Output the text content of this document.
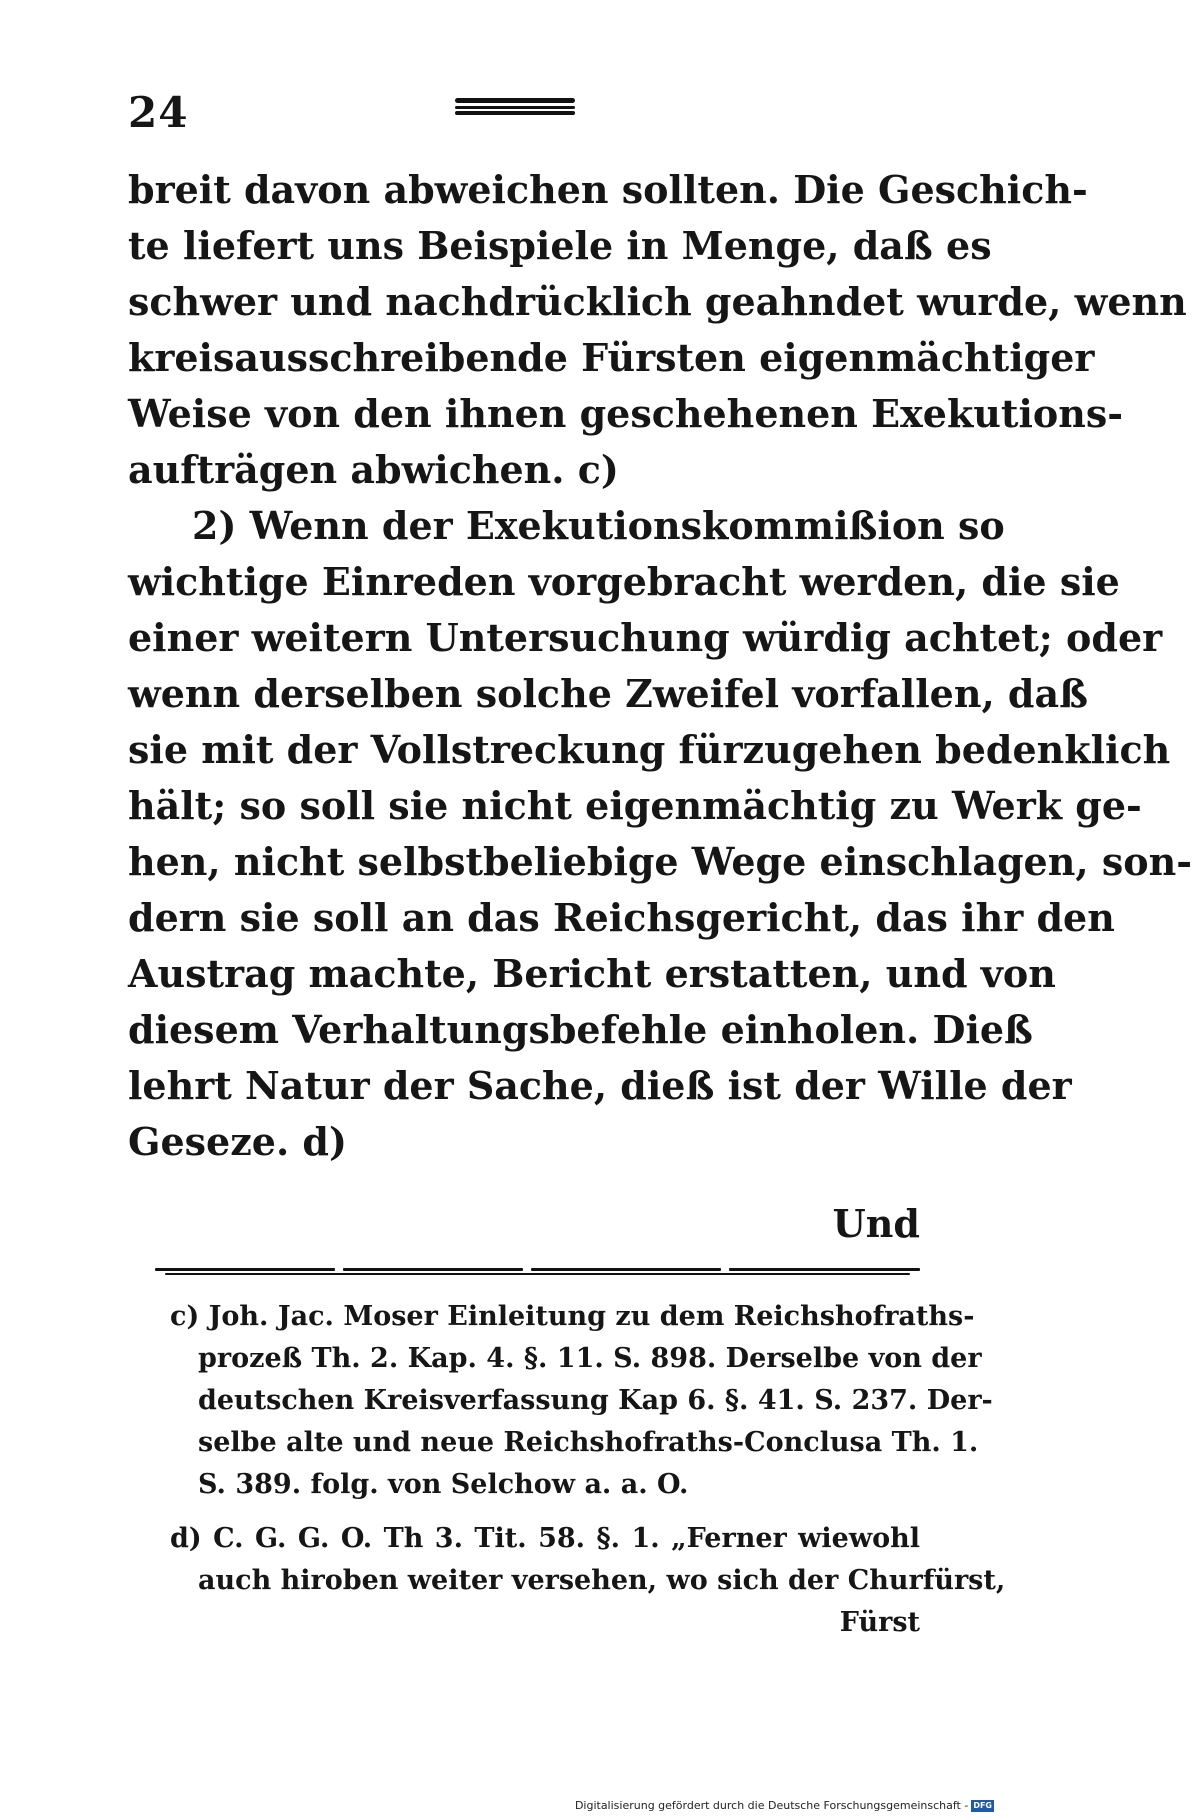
24
breit davon abweichen sollten. Die Geschich-
te liefert uns Beispiele in Menge, daß es
schwer und nachdrücklich geahndet wurde, wenn
kreisausschreibende Fürsten eigenmächtiger
Weise von den ihnen geschehenen Exekutions-
aufträgen abwichen. c)
2) Wenn der Exekutionskommißion so
wichtige Einreden vorgebracht werden, die sie
einer weitern Untersuchung würdig achtet; oder
wenn derselben solche Zweifel vorfallen, daß
sie mit der Vollstreckung fürzugehen bedenklich
hält; so soll sie nicht eigenmächtig zu Werk ge-
hen, nicht selbstbeliebige Wege einschlagen, son-
dern sie soll an das Reichsgericht, das ihr den
Austrag machte, Bericht erstatten, und von
diesem Verhaltungsbefehle einholen. Dieß
lehrt Natur der Sache, dieß ist der Wille der
Geseze. d)
Und
c) Joh. Jac. Moser Einleitung zu dem Reichshofraths-
prozeß Th. 2. Kap. 4. §. 11. S. 898. Derselbe von der
deutschen Kreisverfassung Kap 6. §. 41. S. 237. Der-
selbe alte und neue Reichshofraths-Conclusa Th. 1.
S. 389. folg. von Selchow a. a. O.
d) C. G. G. O. Th 3. Tit. 58. §. 1. „Ferner wiewohl
auch hiroben weiter versehen, wo sich der Churfürst,
Fürst
Digitalisierung gefördert durch die Deutsche Forschungsgemeinschaft - DFG
